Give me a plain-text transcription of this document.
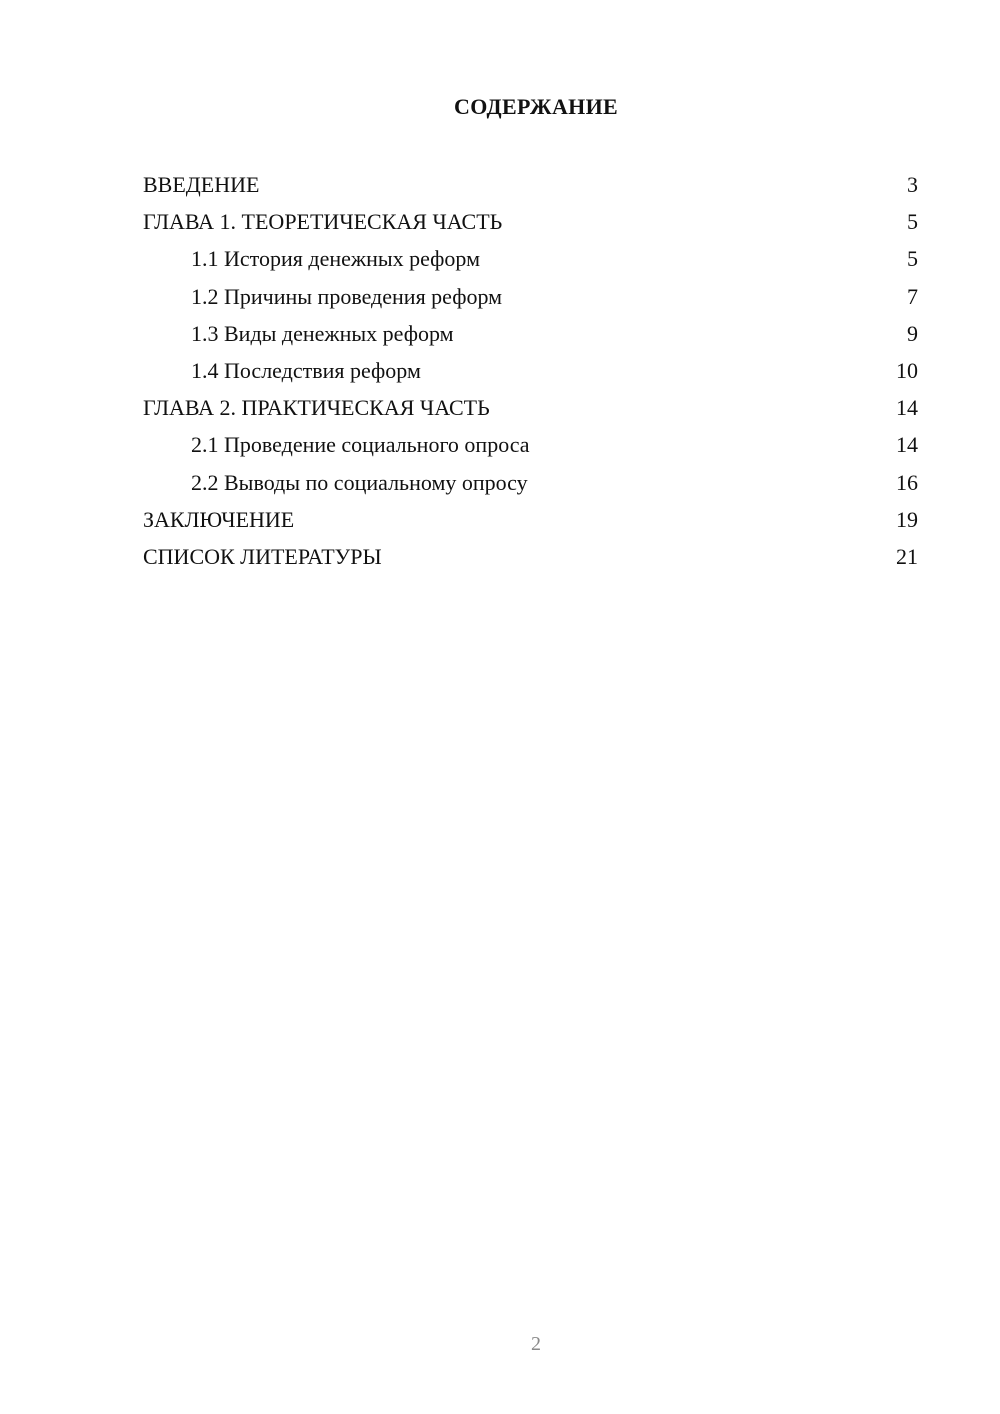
СОДЕРЖАНИЕ
ВВЕДЕНИЕ	3
ГЛАВА 1. ТЕОРЕТИЧЕСКАЯ ЧАСТЬ	5
1.1 История денежных реформ	5
1.2 Причины проведения реформ	7
1.3 Виды денежных реформ	9
1.4 Последствия реформ	10
ГЛАВА 2. ПРАКТИЧЕСКАЯ ЧАСТЬ	14
2.1 Проведение социального опроса	14
2.2 Выводы по социальному опросу	16
ЗАКЛЮЧЕНИЕ	19
СПИСОК ЛИТЕРАТУРЫ	21
2
